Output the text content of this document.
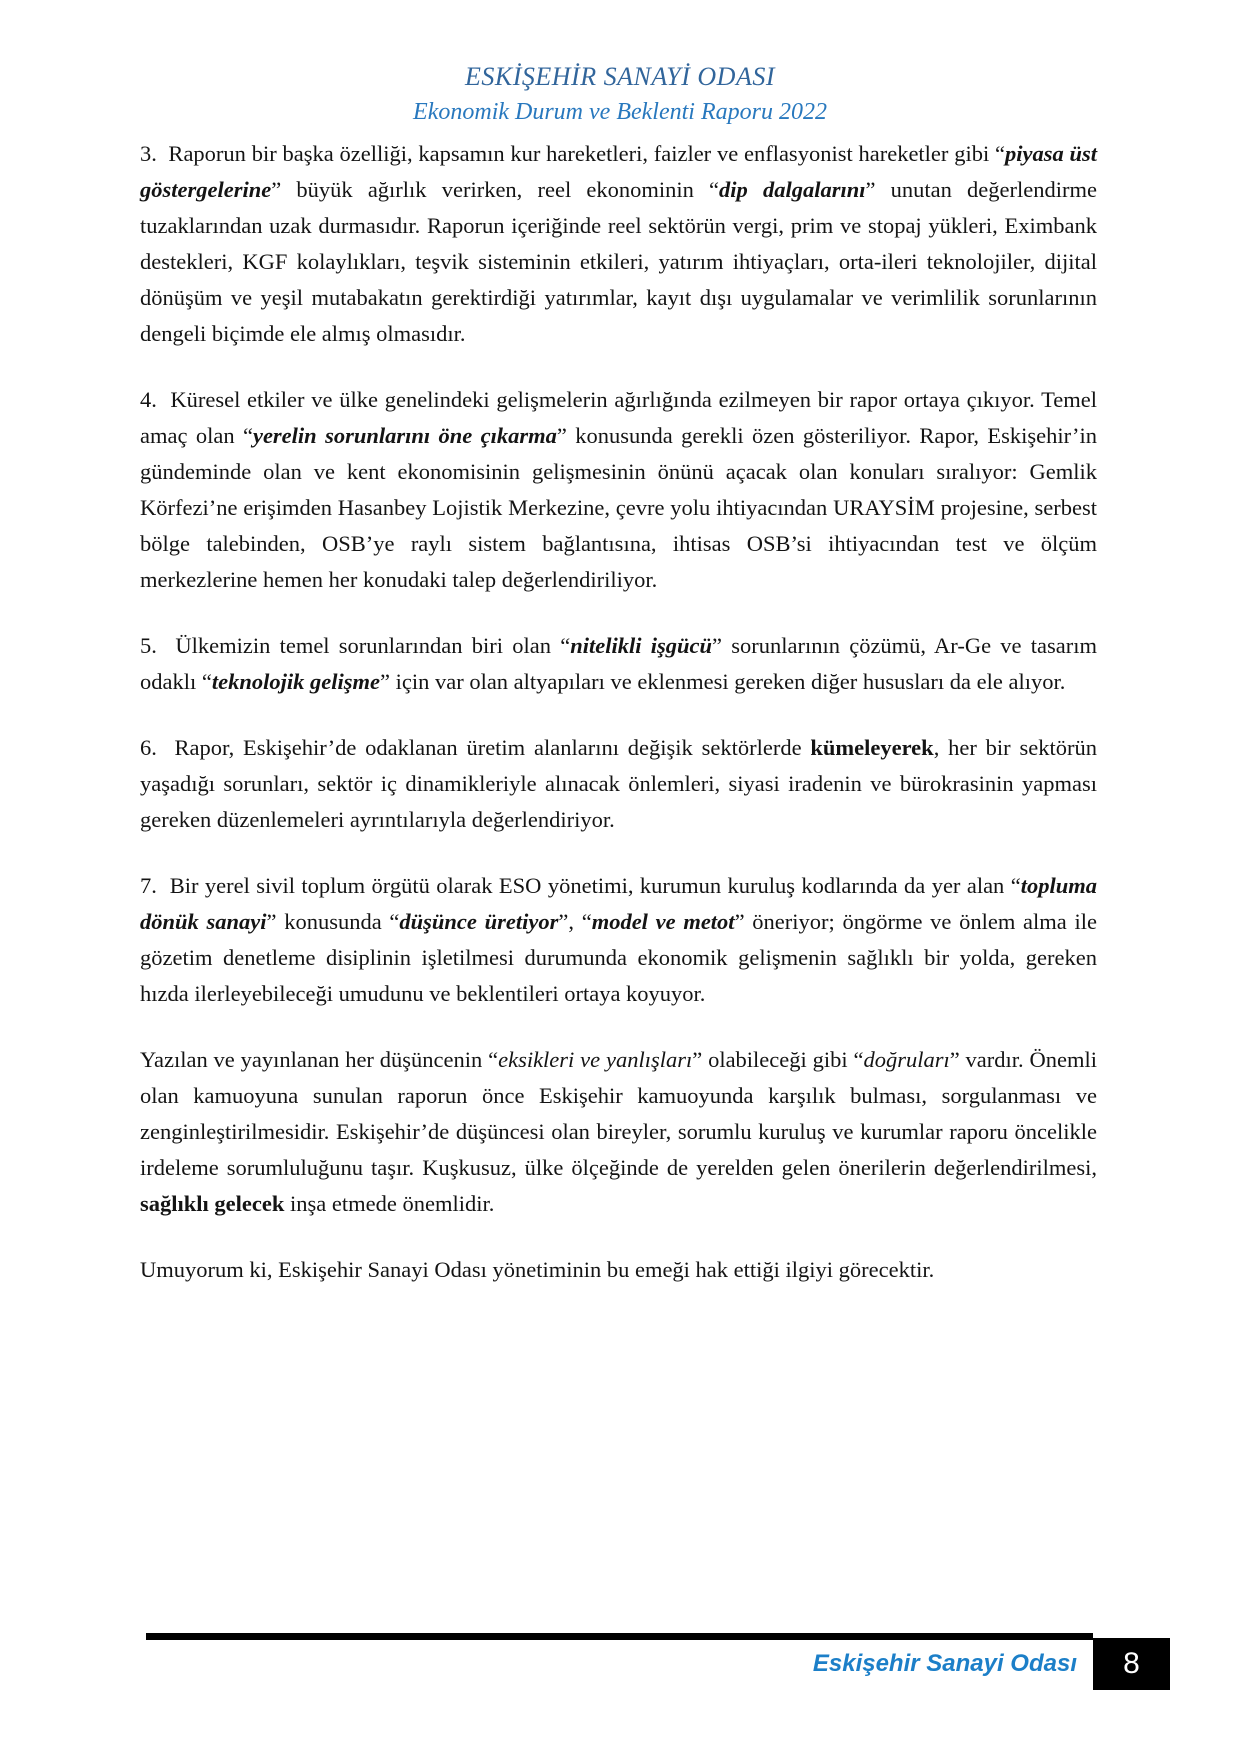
ESKİŞEHİR SANAYİ ODASI
Ekonomik Durum ve Beklenti Raporu 2022

3.  Raporun bir başka özelliği, kapsamın kur hareketleri, faizler ve enflasyonist hareketler gibi “piyasa üst göstergelerine” büyük ağırlık verirken, reel ekonominin “dip dalgalarını” unutan değerlendirme tuzaklarından uzak durmasıdır. Raporun içeriğinde reel sektörün vergi, prim ve stopaj yükleri, Eximbank destekleri, KGF kolaylıkları, teşvik sisteminin etkileri, yatırım ihtiyaçları, orta-ileri teknolojiler, dijital dönüşüm ve yeşil mutabakatın gerektirdiği yatırımlar, kayıt dışı uygulamalar ve verimlilik sorunlarının dengeli biçimde ele almış olmasıdır.

4.  Küresel etkiler ve ülke genelindeki gelişmelerin ağırlığında ezilmeyen bir rapor ortaya çıkıyor. Temel amaç olan “yerelin sorunlarını öne çıkarma” konusunda gerekli özen gösteriliyor. Rapor, Eskişehir’in gündeminde olan ve kent ekonomisinin gelişmesinin önünü açacak olan konuları sıralıyor: Gemlik Körfezi’ne erişimden Hasanbey Lojistik Merkezine, çevre yolu ihtiyacından URAYSİM projesine, serbest bölge talebinden, OSB’ye raylı sistem bağlantısına, ihtisas OSB’si ihtiyacından test ve ölçüm merkezlerine hemen her konudaki talep değerlendiriliyor.

5.  Ülkemizin temel sorunlarından biri olan “nitelikli işgücü” sorunlarının çözümü, Ar-Ge ve tasarım odaklı “teknolojik gelişme” için var olan altyapıları ve eklenmesi gereken diğer hususları da ele alıyor.

6.  Rapor, Eskişehir’de odaklanan üretim alanlarını değişik sektörlerde kümeleyerek, her bir sektörün yaşadığı sorunları, sektör iç dinamikleriyle alınacak önlemleri, siyasi iradenin ve bürokrasinin yapması gereken düzenlemeleri ayrıntılarıyla değerlendiriyor.

7.  Bir yerel sivil toplum örgütü olarak ESO yönetimi, kurumun kuruluş kodlarında da yer alan “topluma dönük sanayi” konusunda “düşünce üretiyor”, “model ve metot” öneriyor; öngörme ve önlem alma ile gözetim denetleme disiplinin işletilmesi durumunda ekonomik gelişmenin sağlıklı bir yolda, gereken hızda ilerleyebileceği umudunu ve beklentileri ortaya koyuyor.

Yazılan ve yayınlanan her düşüncenin “eksikleri ve yanlışları” olabileceği gibi “doğruları” vardır. Önemli olan kamuoyuna sunulan raporun önce Eskişehir kamuoyunda karşılık bulması, sorgulanması ve zenginleştirilmesidir. Eskişehir’de düşüncesi olan bireyler, sorumlu kuruluş ve kurumlar raporu öncelikle irdeleme sorumluluğunu taşır. Kuşkusuz, ülke ölçeğinde de yerelden gelen önerilerin değerlendirilmesi, sağlıklı gelecek inşa etmede önemlidir.

Umuyorum ki, Eskişehir Sanayi Odası yönetiminin bu emeği hak ettiği ilgiyi görecektir.

Eskişehir Sanayi Odası 8
